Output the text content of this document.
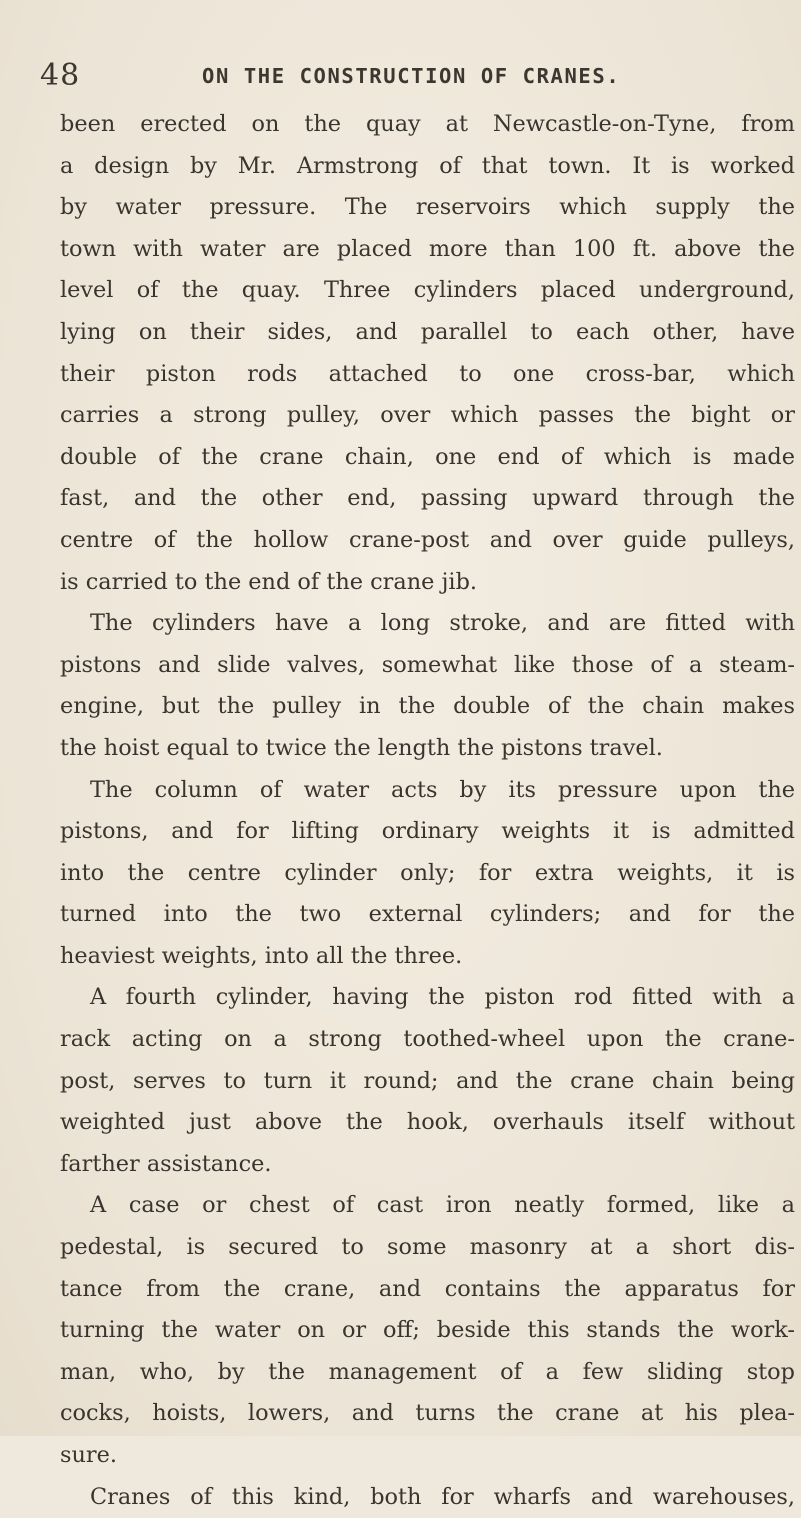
48	ON THE CONSTRUCTION OF CRANES.
been erected on the quay at Newcastle-on-Tyne, from
a design by Mr. Armstrong of that town. It is worked
by water pressure. The reservoirs which supply the
town with water are placed more than 100 ft. above the
level of the quay. Three cylinders placed underground,
lying on their sides, and parallel to each other, have
their piston rods attached to one cross-bar, which
carries a strong pulley, over which passes the bight or
double of the crane chain, one end of which is made
fast, and the other end, passing upward through the
centre of the hollow crane-post and over guide pulleys,
is carried to the end of the crane jib.
The cylinders have a long stroke, and are fitted with
pistons and slide valves, somewhat like those of a steam-
engine, but the pulley in the double of the chain makes
the hoist equal to twice the length the pistons travel.
The column of water acts by its pressure upon the
pistons, and for lifting ordinary weights it is admitted
into the centre cylinder only; for extra weights, it is
turned into the two external cylinders; and for the
heaviest weights, into all the three.
A fourth cylinder, having the piston rod fitted with a
rack acting on a strong toothed-wheel upon the crane-
post, serves to turn it round; and the crane chain being
weighted just above the hook, overhauls itself without
farther assistance.
A case or chest of cast iron neatly formed, like a
pedestal, is secured to some masonry at a short dis-
tance from the crane, and contains the apparatus for
turning the water on or off; beside this stands the work-
man, who, by the management of a few sliding stop
cocks, hoists, lowers, and turns the crane at his plea-
sure.
Cranes of this kind, both for wharfs and warehouses,
